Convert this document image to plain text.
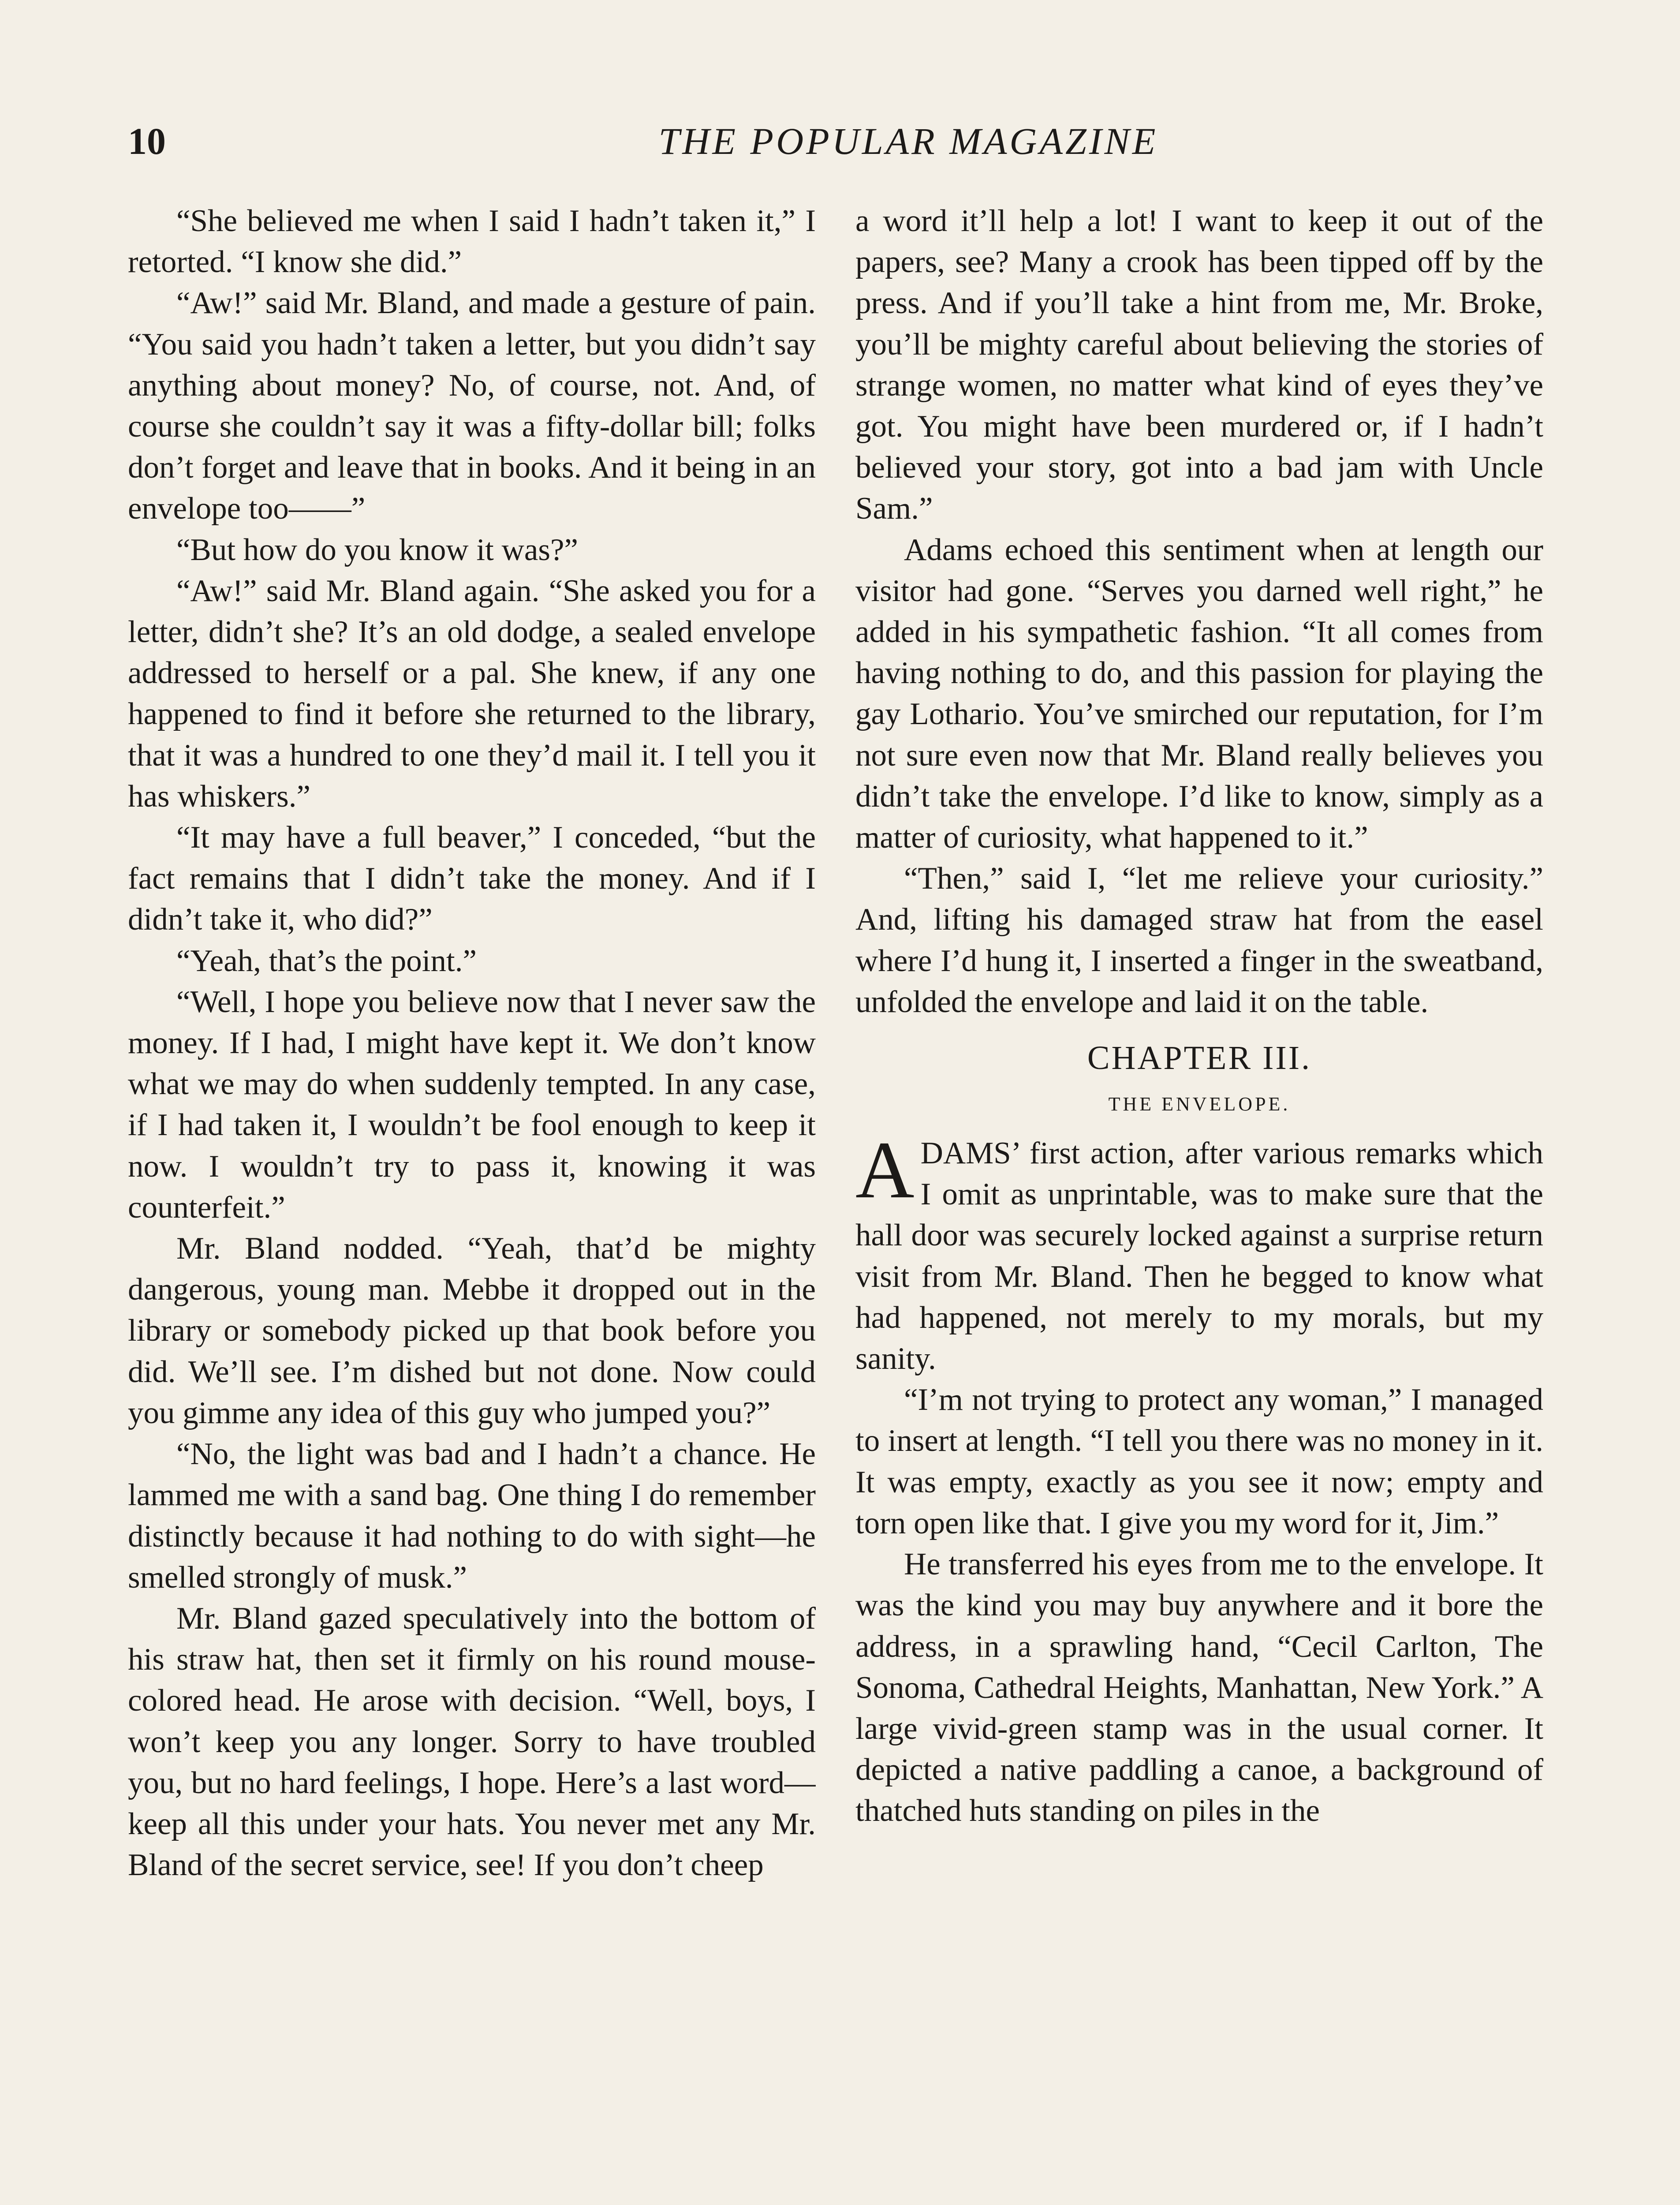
10	THE POPULAR MAGAZINE

“She believed me when I said I hadn’t taken it,” I retorted. “I know she did.”

“Aw!” said Mr. Bland, and made a gesture of pain. “You said you hadn’t taken a letter, but you didn’t say anything about money? No, of course, not. And, of course she couldn’t say it was a fifty-dollar bill; folks don’t forget and leave that in books. And it being in an envelope too——”

“But how do you know it was?”

“Aw!” said Mr. Bland again. “She asked you for a letter, didn’t she? It’s an old dodge, a sealed envelope addressed to herself or a pal. She knew, if any one happened to find it before she returned to the library, that it was a hundred to one they’d mail it. I tell you it has whiskers.”

“It may have a full beaver,” I conceded, “but the fact remains that I didn’t take the money. And if I didn’t take it, who did?”

“Yeah, that’s the point.”

“Well, I hope you believe now that I never saw the money. If I had, I might have kept it. We don’t know what we may do when suddenly tempted. In any case, if I had taken it, I wouldn’t be fool enough to keep it now. I wouldn’t try to pass it, knowing it was counterfeit.”

Mr. Bland nodded. “Yeah, that’d be mighty dangerous, young man. Mebbe it dropped out in the library or somebody picked up that book before you did. We’ll see. I’m dished but not done. Now could you gimme any idea of this guy who jumped you?”

“No, the light was bad and I hadn’t a chance. He lammed me with a sand bag. One thing I do remember distinctly because it had nothing to do with sight—he smelled strongly of musk.”

Mr. Bland gazed speculatively into the bottom of his straw hat, then set it firmly on his round mouse-colored head. He arose with decision. “Well, boys, I won’t keep you any longer. Sorry to have troubled you, but no hard feelings, I hope. Here’s a last word—keep all this under your hats. You never met any Mr. Bland of the secret service, see! If you don’t cheep

a word it’ll help a lot! I want to keep it out of the papers, see? Many a crook has been tipped off by the press. And if you’ll take a hint from me, Mr. Broke, you’ll be mighty careful about believing the stories of strange women, no matter what kind of eyes they’ve got. You might have been murdered or, if I hadn’t believed your story, got into a bad jam with Uncle Sam.”

Adams echoed this sentiment when at length our visitor had gone. “Serves you darned well right,” he added in his sympathetic fashion. “It all comes from having nothing to do, and this passion for playing the gay Lothario. You’ve smirched our reputation, for I’m not sure even now that Mr. Bland really believes you didn’t take the envelope. I’d like to know, simply as a matter of curiosity, what happened to it.”

“Then,” said I, “let me relieve your curiosity.” And, lifting his damaged straw hat from the easel where I’d hung it, I inserted a finger in the sweatband, unfolded the envelope and laid it on the table.

CHAPTER III.
THE ENVELOPE.

ADAMS’ first action, after various remarks which I omit as unprintable, was to make sure that the hall door was securely locked against a surprise return visit from Mr. Bland. Then he begged to know what had happened, not merely to my morals, but my sanity.

“I’m not trying to protect any woman,” I managed to insert at length. “I tell you there was no money in it. It was empty, exactly as you see it now; empty and torn open like that. I give you my word for it, Jim.”

He transferred his eyes from me to the envelope. It was the kind you may buy anywhere and it bore the address, in a sprawling hand, “Cecil Carlton, The Sonoma, Cathedral Heights, Manhattan, New York.” A large vivid-green stamp was in the usual corner. It depicted a native paddling a canoe, a background of thatched huts standing on piles in the
